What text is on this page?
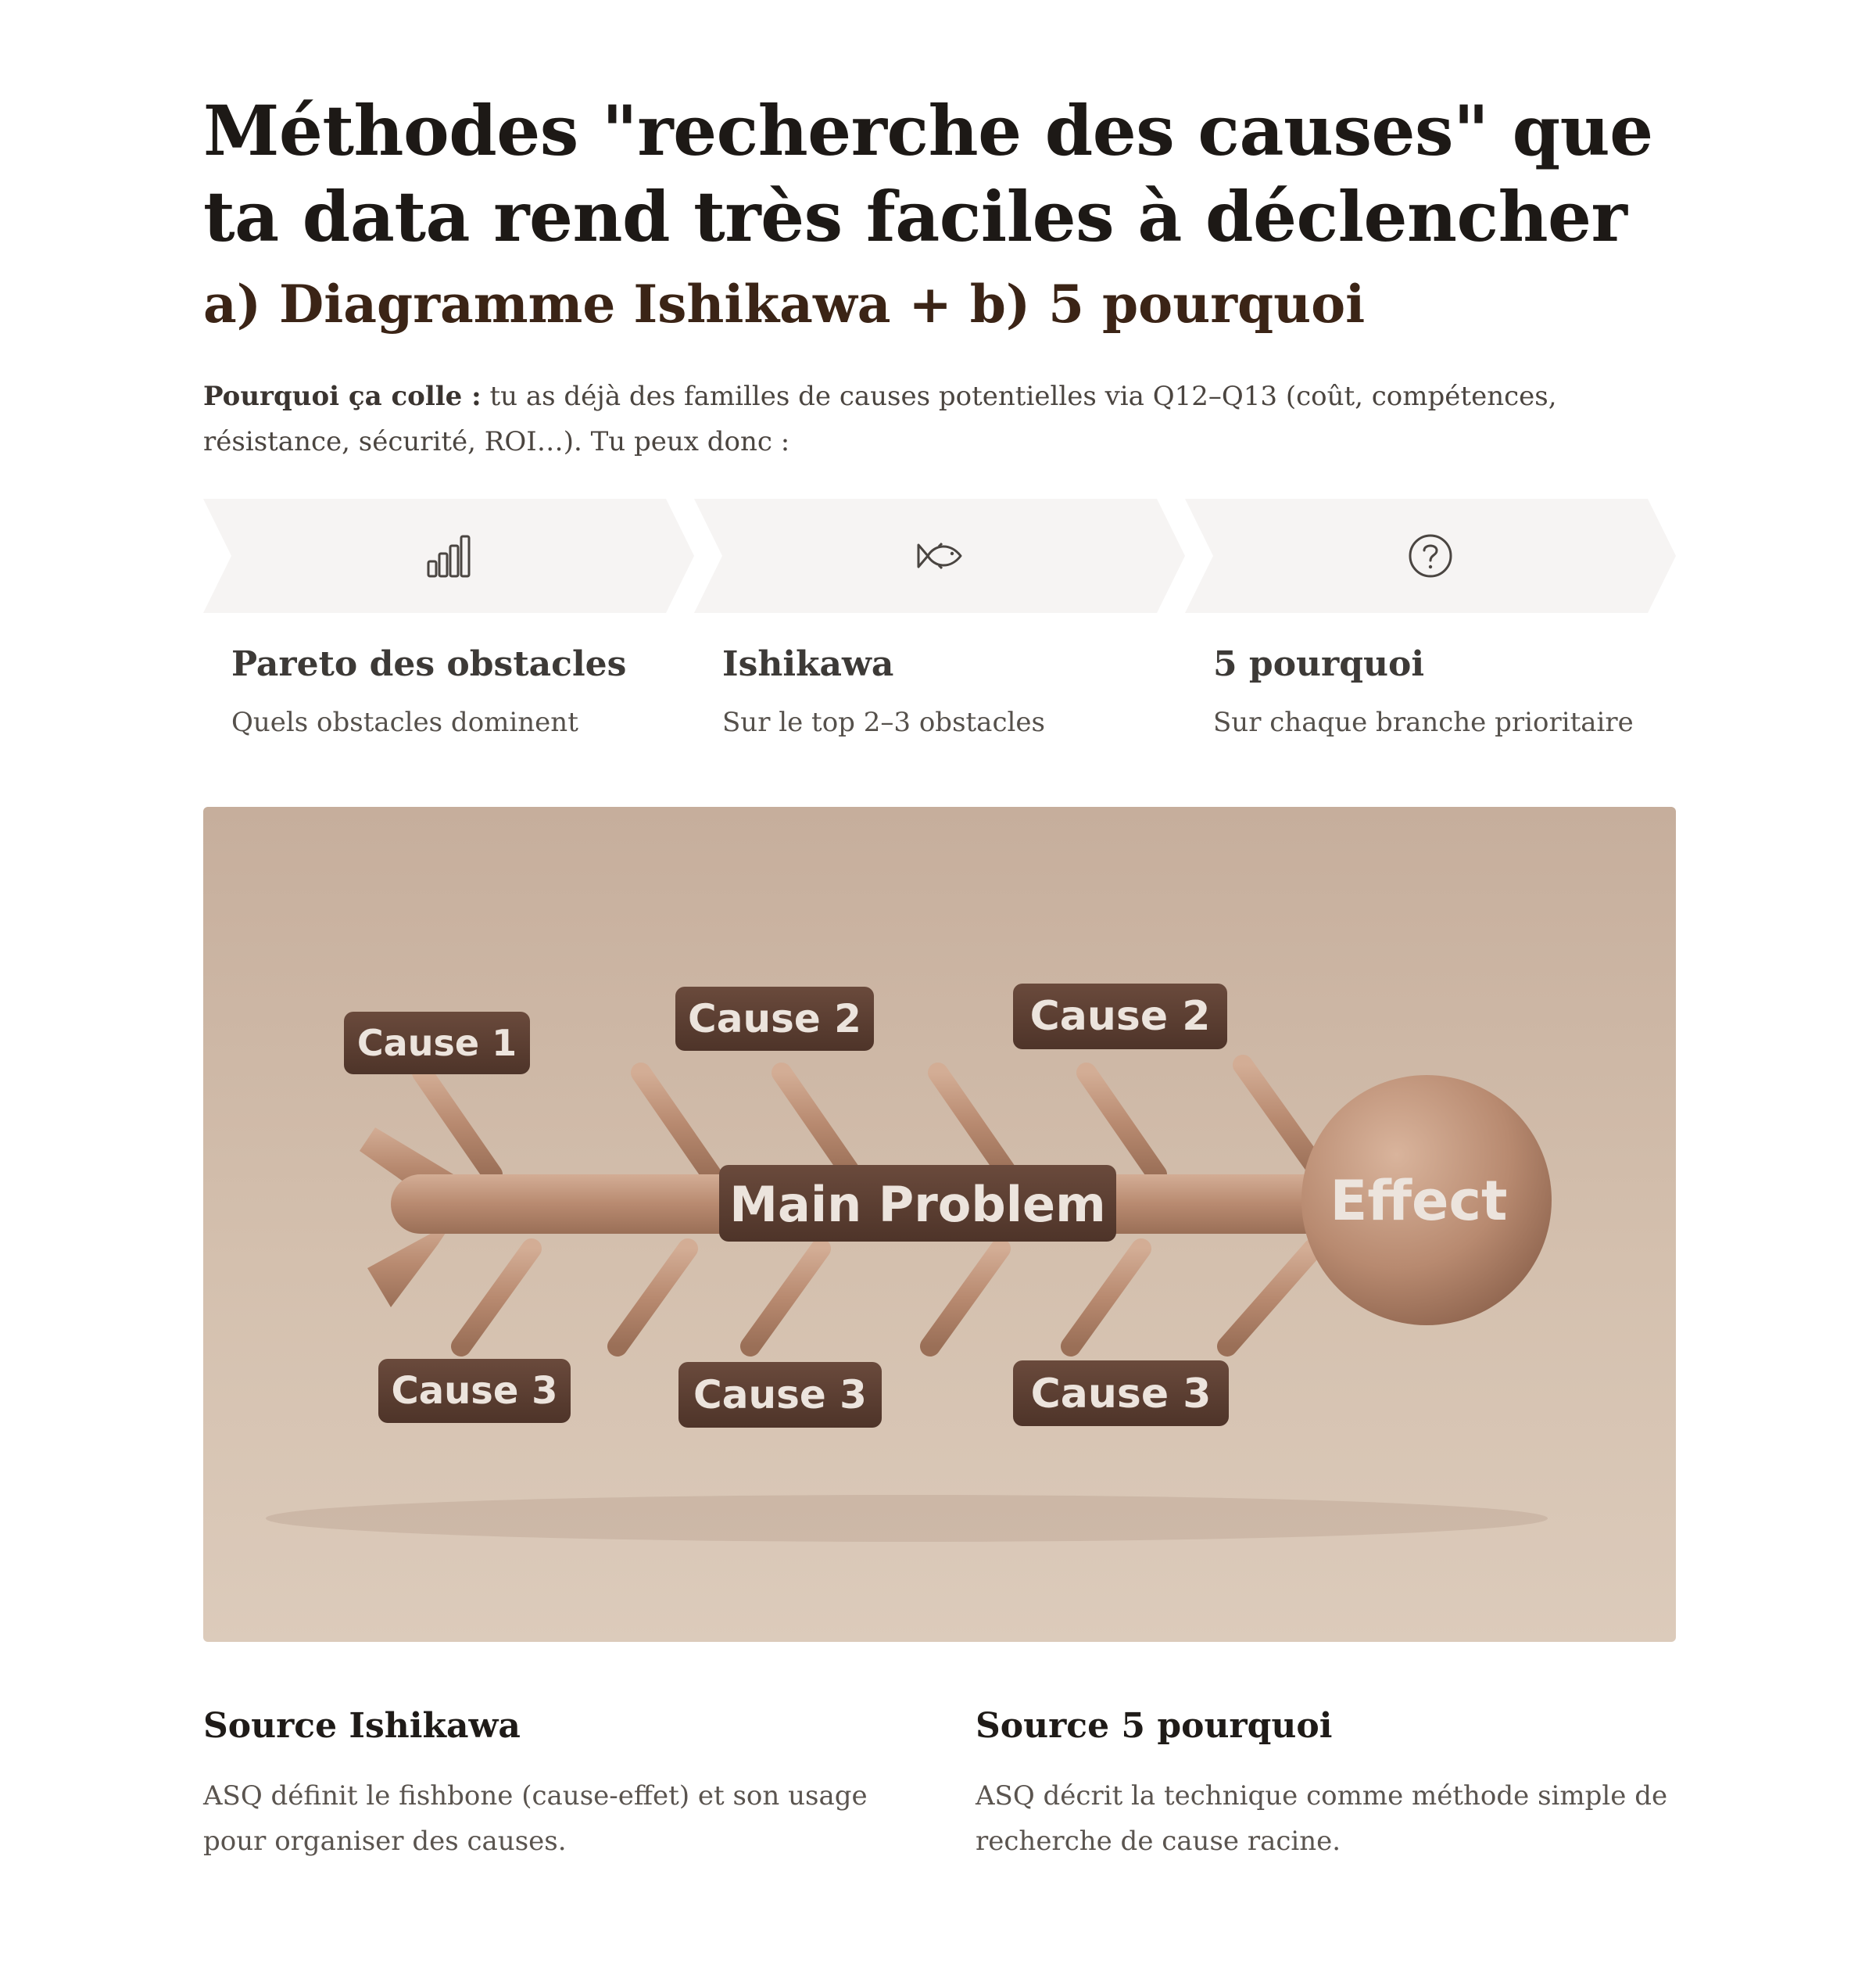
Méthodes "recherche des causes" que ta data rend très faciles à déclencher
a) Diagramme Ishikawa + b) 5 pourquoi

Pourquoi ça colle : tu as déjà des familles de causes potentielles via Q12–Q13 (coût, compétences, résistance, sécurité, ROI…). Tu peux donc :

Pareto des obstacles

Quels obstacles dominent

Ishikawa

Sur le top 2–3 obstacles

5 pourquoi

Sur chaque branche prioritaire

Effect
Main Problem
Cause 1
Cause 2	Cause 2
Cause 3	Cause 3	Cause 3
Source Ishikawa

ASQ définit le fishbone (cause-effet) et son usage pour organiser des causes.

Source 5 pourquoi

ASQ décrit la technique comme méthode simple de recherche de cause racine.
